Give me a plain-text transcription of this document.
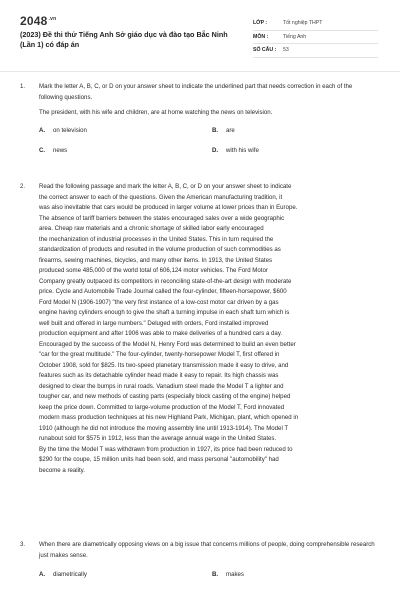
$2048^{.vn}$
(2023) Đề thi thử Tiếng Anh Sở giáo dục và đào tạo Bắc Ninh (Lần 1) có đáp án
LỚP :	Tốt nghiệp THPT
MÔN :	Tiếng Anh
SỐ CÂU :	53
1. Mark the letter A, B, C, or D on your answer sheet to indicate the underlined part that needs correction in each of the following questions.

The president, with his wife and children, are at home watching the news on television.

A. on television	B. are
C. news	D. with his wife
2. Read the following passage and mark the letter A, B, C, or D on your answer sheet to indicate
the correct answer to each of the questions. Given the American manufacturing tradition, it
was also inevitable that cars would be produced in larger volume at lower prices than in Europe.
The absence of tariff barriers between the states encouraged sales over a wide geographic
area. Cheap raw materials and a chronic shortage of skilled labor early encouraged
the mechanization of industrial processes in the United States. This in turn required the
standardization of products and resulted in the volume production of such commodities as
firearms, sewing machines, bicycles, and many other items. In 1913, the United States
produced some 485,000 of the world total of 606,124 motor vehicles. The Ford Motor
Company greatly outpaced its competitors in reconciling state-of-the-art design with moderate
price. Cycle and Automobile Trade Journal called the four-cylinder, fifteen-horsepower, $600
Ford Model N (1906-1907) "the very first instance of a low-cost motor car driven by a gas
engine having cylinders enough to give the shaft a turning impulse in each shaft turn which is
well built and offered in large numbers." Deluged with orders, Ford installed improved
production equipment and after 1906 was able to make deliveries of a hundred cars a day.
Encouraged by the success of the Model N, Henry Ford was determined to build an even better
"car for the great multitude." The four-cylinder, twenty-horsepower Model T, first offered in
October 1908, sold for $825. Its two-speed planetary transmission made it easy to drive, and
features such as its detachable cylinder head made it easy to repair. Its high chassis was
designed to clear the bumps in rural roads. Vanadium steel made the Model T a lighter and
tougher car, and new methods of casting parts (especially block casting of the engine) helped
keep the price down. Committed to large-volume production of the Model T, Ford innovated
modern mass production techniques at his new Highland Park, Michigan, plant, which opened in
1910 (although he did not introduce the moving assembly line until 1913-1914). The Model T
runabout sold for $575 in 1912, less than the average annual wage in the United States.
By the time the Model T was withdrawn from production in 1927, its price had been reduced to
$290 for the coupe, 15 million units had been sold, and mass personal "automobility" had
become a reality.
3. When there are diametrically opposing views on a big issue that concerns millions of people, doing comprehensible research just makes sense.

A. diametrically	B. makes
